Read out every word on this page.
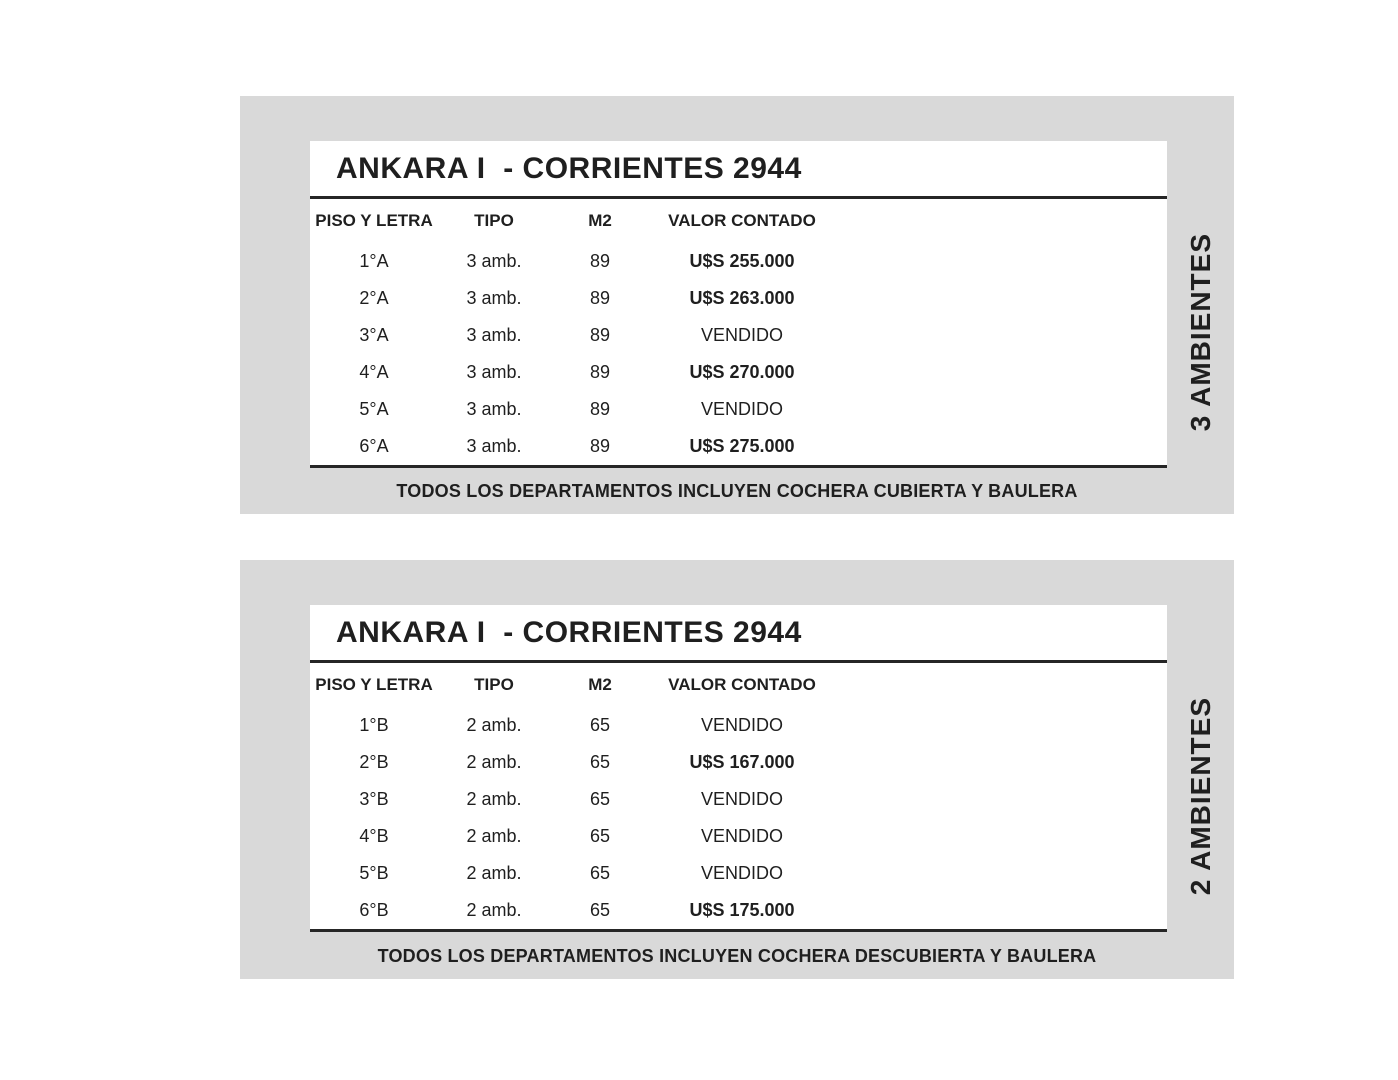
ANKARA I  - CORRIENTES 2944
PISO Y LETRA	TIPO	M2	VALOR CONTADO
1°A	3 amb.	89	U$S 255.000
2°A	3 amb.	89	U$S 263.000
3°A	3 amb.	89	VENDIDO
4°A	3 amb.	89	U$S 270.000
5°A	3 amb.	89	VENDIDO
6°A	3 amb.	89	U$S 275.000
TODOS LOS DEPARTAMENTOS INCLUYEN COCHERA CUBIERTA Y BAULERA
3 AMBIENTES
ANKARA I  - CORRIENTES 2944
PISO Y LETRA	TIPO	M2	VALOR CONTADO
1°B	2 amb.	65	VENDIDO
2°B	2 amb.	65	U$S 167.000
3°B	2 amb.	65	VENDIDO
4°B	2 amb.	65	VENDIDO
5°B	2 amb.	65	VENDIDO
6°B	2 amb.	65	U$S 175.000
TODOS LOS DEPARTAMENTOS INCLUYEN COCHERA DESCUBIERTA Y BAULERA
2 AMBIENTES
